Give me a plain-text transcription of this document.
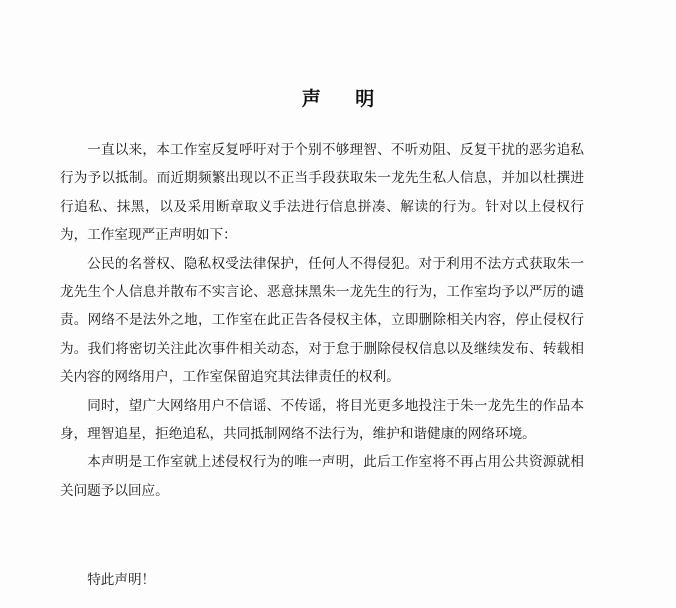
声 明

一直以来，本工作室反复呼吁对于个别不够理智、不听劝阻、反复干扰的恶劣追私行为予以抵制。而近期频繁出现以不正当手段获取朱一龙先生私人信息，并加以杜撰进行追私、抹黑，以及采用断章取义手法进行信息拼凑、解读的行为。针对以上侵权行为，工作室现严正声明如下：

公民的名誉权、隐私权受法律保护，任何人不得侵犯。对于利用不法方式获取朱一龙先生个人信息并散布不实言论、恶意抹黑朱一龙先生的行为，工作室均予以严厉的谴责。网络不是法外之地，工作室在此正告各侵权主体，立即删除相关内容，停止侵权行为。我们将密切关注此次事件相关动态，对于怠于删除侵权信息以及继续发布、转载相关内容的网络用户，工作室保留追究其法律责任的权利。

同时，望广大网络用户不信谣、不传谣，将目光更多地投注于朱一龙先生的作品本身，理智追星，拒绝追私，共同抵制网络不法行为，维护和谐健康的网络环境。

本声明是工作室就上述侵权行为的唯一声明，此后工作室将不再占用公共资源就相关问题予以回应。

特此声明！
